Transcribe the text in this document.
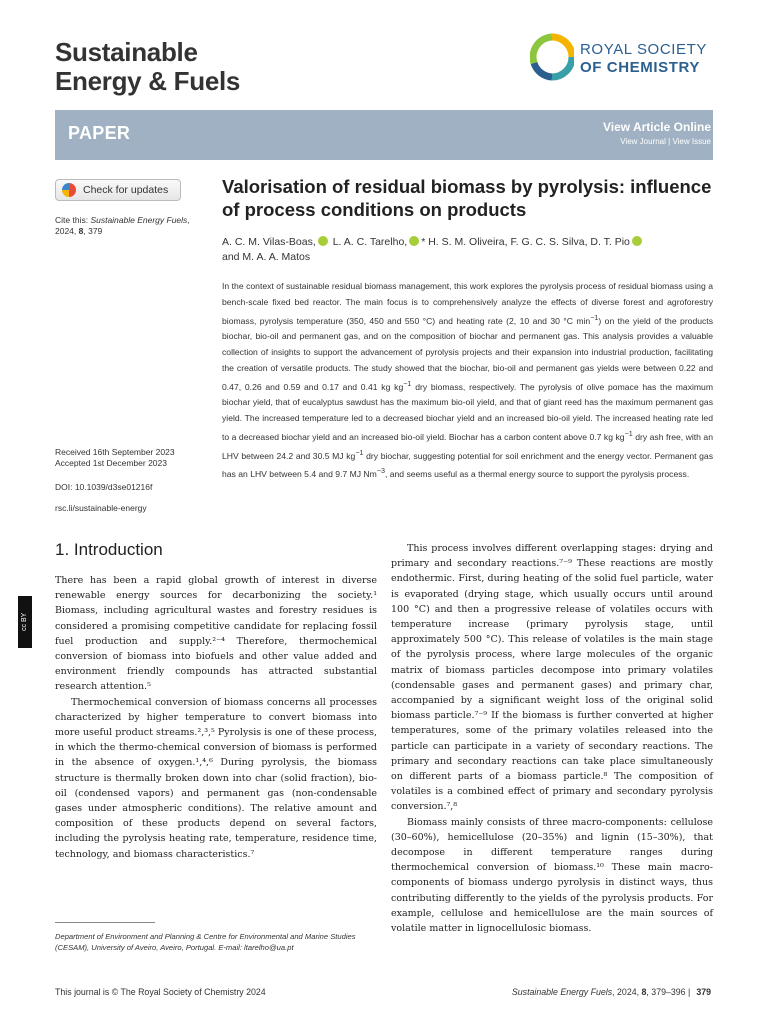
Sustainable
Energy & Fuels
ROYAL SOCIETY
OF CHEMISTRY
PAPER	View Article Online
View Journal | View Issue
Check for updates
Cite this: Sustainable Energy Fuels, 2024, 8, 379
Valorisation of residual biomass by pyrolysis: influence of process conditions on products
A. C. M. Vilas-Boas, L. A. C. Tarelho, * H. S. M. Oliveira, F. G. C. S. Silva, D. T. Pio
and M. A. A. Matos
In the context of sustainable residual biomass management, this work explores the pyrolysis process of residual biomass using a bench-scale fixed bed reactor. The main focus is to comprehensively analyze the effects of diverse forest and agroforestry biomass, pyrolysis temperature (350, 450 and 550 °C) and heating rate (2, 10 and 30 °C $\min^{-1}$) on the yield of the products biochar, bio-oil and permanent gas, and on the composition of biochar and permanent gas. This analysis provides a valuable collection of insights to support the advancement of pyrolysis projects and their expansion into industrial production, facilitating the creation of versatile products. The study showed that the biochar, bio-oil and permanent gas yields were between 0.22 and 0.47, 0.26 and 0.59 and 0.17 and 0.41 kg $kg^{-1}$ dry biomass, respectively. The pyrolysis of olive pomace has the maximum biochar yield, that of eucalyptus sawdust has the maximum bio-oil yield, and that of giant reed has the maximum permanent gas yield. The increased temperature led to a decreased biochar yield and an increased bio-oil yield. The increased heating rate led to a decreased biochar yield and an increased bio-oil yield. Biochar has a carbon content above 0.7 kg $kg^{-1}$ dry ash free, with an LHV between 24.2 and 30.5 MJ $kg^{-1}$ dry biochar, suggesting potential for soil enrichment and the energy vector. Permanent gas has an LHV between 5.4 and 9.7 MJ $Nm^{-3}$, and seems useful as a thermal energy source to support the pyrolysis process.
Received 16th September 2023
Accepted 1st December 2023
DOI: 10.1039/d3se01216f
rsc.li/sustainable-energy
cc BY
1. Introduction

There has been a rapid global growth of interest in diverse renewable energy sources for decarbonizing the society.¹ Biomass, including agricultural wastes and forestry residues is considered a promising competitive candidate for replacing fossil fuel production and supply.²⁻⁴ Therefore, thermochemical conversion of biomass into biofuels and other value added and environment friendly compounds has attracted substantial research attention.⁵

Thermochemical conversion of biomass concerns all processes characterized by higher temperature to convert biomass into more useful product streams.²,³,⁵ Pyrolysis is one of these process, in which the thermo-chemical conversion of biomass is performed in the absence of oxygen.¹,⁴,⁶ During pyrolysis, the biomass structure is thermally broken down into char (solid fraction), bio-oil (condensed vapors) and permanent gas (non-condensable gases under atmospheric conditions). The relative amount and composition of these products depend on several factors, including the pyrolysis heating rate, temperature, residence time, technology, and biomass characteristics.⁷

This process involves different overlapping stages: drying and primary and secondary reactions.⁷⁻⁹ These reactions are mostly endothermic. First, during heating of the solid fuel particle, water is evaporated (drying stage, which usually occurs until around 100 °C) and then a progressive release of volatiles occurs with temperature increase (primary pyrolysis stage, until approximately 500 °C). This release of volatiles is the main stage of the pyrolysis process, where large molecules of the organic matrix of biomass particles decompose into primary volatiles (condensable gases and permanent gases) and primary char, accompanied by a significant weight loss of the original solid biomass particle.⁷⁻⁹ If the biomass is further converted at higher temperatures, some of the primary volatiles released into the particle can participate in a variety of secondary reactions. The primary and secondary reactions can take place simultaneously on different parts of a biomass particle.⁸ The composition of volatiles is a combined effect of primary and secondary pyrolysis conversion.⁷,⁸

Biomass mainly consists of three macro-components: cellulose (30–60%), hemicellulose (20–35%) and lignin (15–30%), that decompose in different temperature ranges during thermochemical conversion of biomass.¹⁰ These main macro-components of biomass undergo pyrolysis in distinct ways, thus contributing differently to the yields of the pyrolysis products. For example, cellulose and hemicellulose are the main sources of volatile matter in lignocellulosic biomass.

Department of Environment and Planning & Centre for Environmental and Marine Studies (CESAM), University of Aveiro, Aveiro, Portugal. E-mail: ltarelho@ua.pt
This journal is © The Royal Society of Chemistry 2024	Sustainable Energy Fuels, 2024, 8, 379–396 | 379
